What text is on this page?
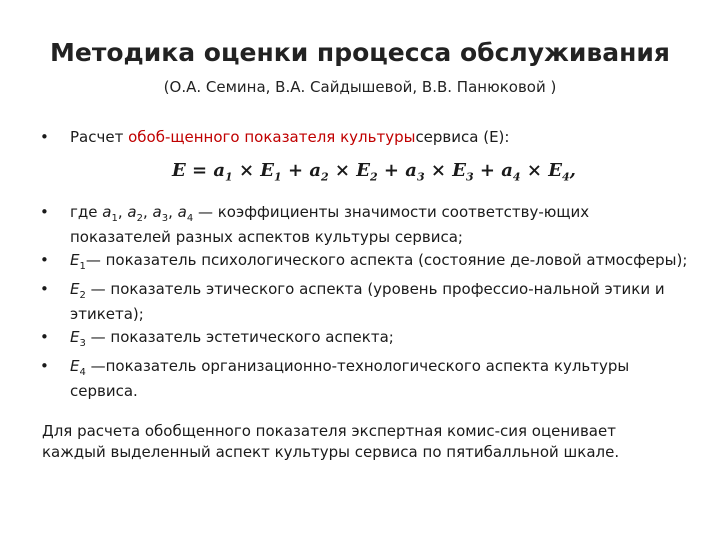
Методика оценки процесса обслуживания
(О.А. Семина, В.А. Сайдышевой, В.В. Панюковой )
• Расчет обоб-щенного показателя культурысервиса (Е):
$E = a_1 \times E_1 + a_2 \times E_2 + a_3 \times E_3 + a_4 \times E_4$,
• где $a_1$, $a_2$, $a_3$, $a_4$ — коэффициенты значимости соответству-ющих показателей разных аспектов культуры сервиса;
• $E_1—$ показатель психологического аспекта (состояние де-ловой атмосферы);
• $E_2$ — показатель этического аспекта (уровень профессио-нальной этики и этикета);
• $E_3$ — показатель эстетического аспекта;
• $E_4$ —показатель организационно-технологического аспекта культуры сервиса.
Для расчета обобщенного показателя экспертная комис-сия оценивает каждый выделенный аспект культуры сервиса по пятибалльной шкале.
